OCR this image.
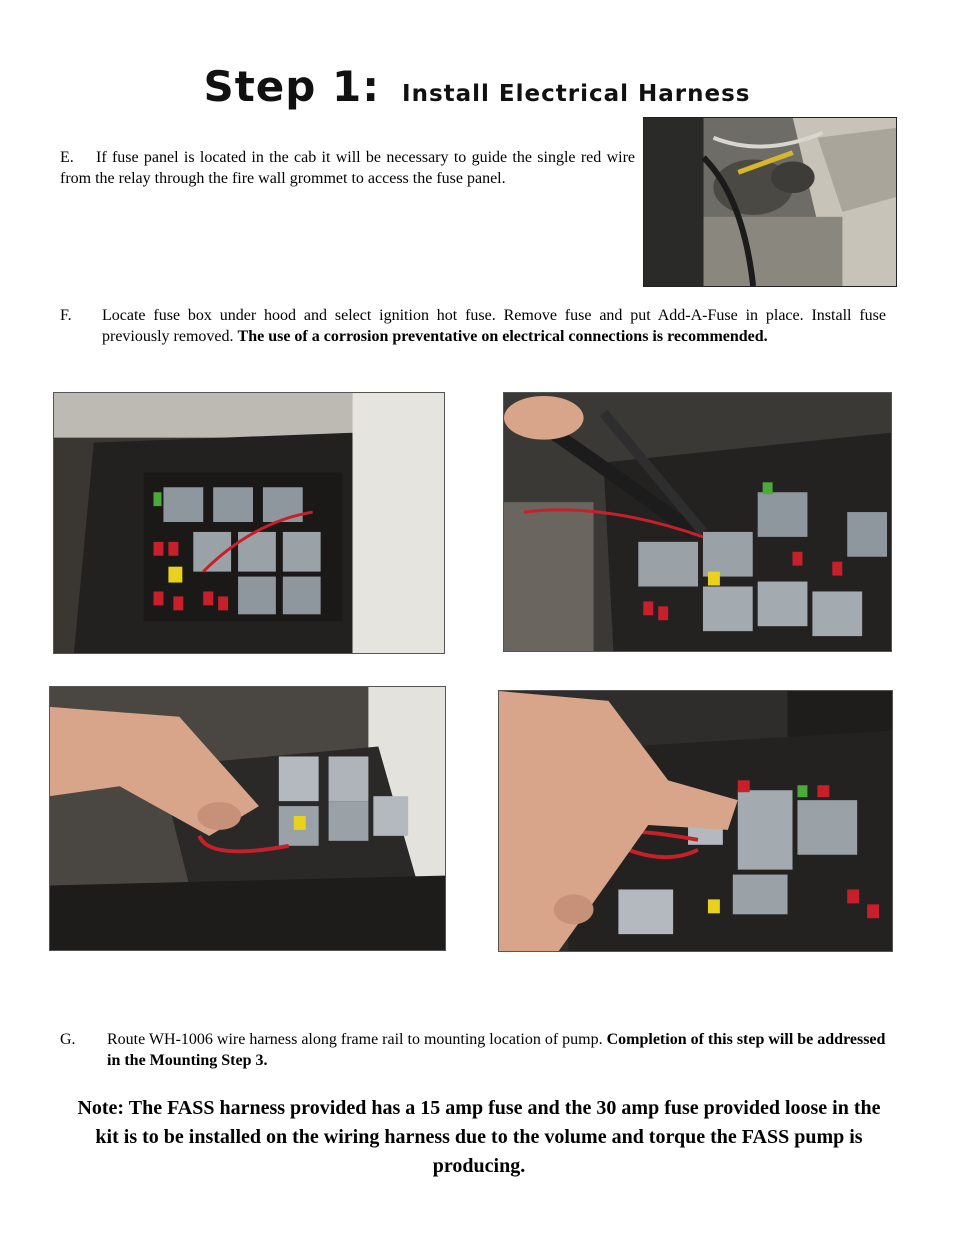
Step 1: Install Electrical Harness
E.	If fuse panel is located in the cab it will be necessary to guide the single red wire from the relay through the fire wall grommet to access the fuse panel.
F. Locate fuse box under hood and select ignition hot fuse. Remove fuse and put Add-A-Fuse in place. Install fuse previously removed. The use of a corrosion preventative on electrical connections is recommended.
G. Route WH-1006 wire harness along frame rail to mounting location of pump. Completion of this step will be addressed in the Mounting Step 3.
Note: The FASS harness provided has a 15 amp fuse and the 30 amp fuse provided loose in the kit is to be installed on the wiring harness due to the volume and torque the FASS pump is producing.
